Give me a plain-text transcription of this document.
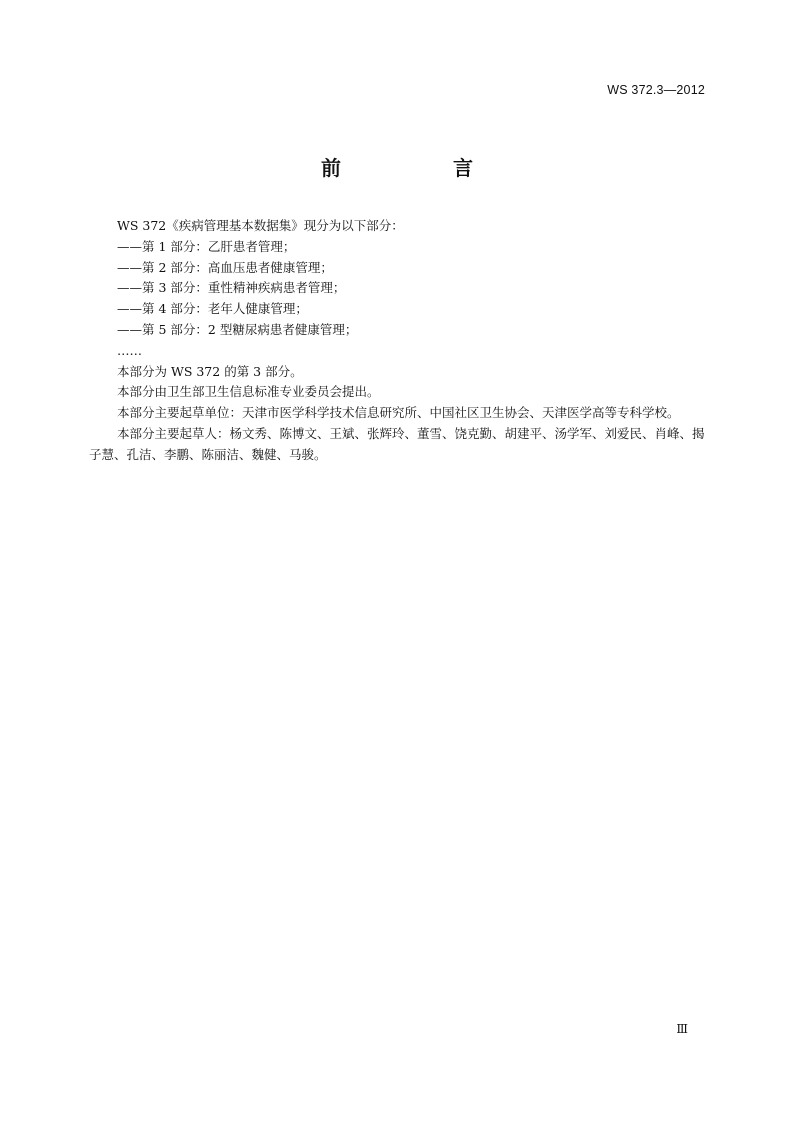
WS 372.3—2012
前　言

WS 372《疾病管理基本数据集》现分为以下部分：

——第 1 部分：乙肝患者管理；

——第 2 部分：高血压患者健康管理；

——第 3 部分：重性精神疾病患者管理；

——第 4 部分：老年人健康管理；

——第 5 部分：2 型糖尿病患者健康管理；

……

本部分为 WS 372 的第 3 部分。

本部分由卫生部卫生信息标准专业委员会提出。

本部分主要起草单位：天津市医学科学技术信息研究所、中国社区卫生协会、天津医学高等专科学校。

本部分主要起草人：杨文秀、陈博文、王斌、张辉玲、董雪、饶克勤、胡建平、汤学军、刘爱民、肖峰、揭子慧、孔洁、李鹏、陈丽洁、魏健、马骏。

Ⅲ
